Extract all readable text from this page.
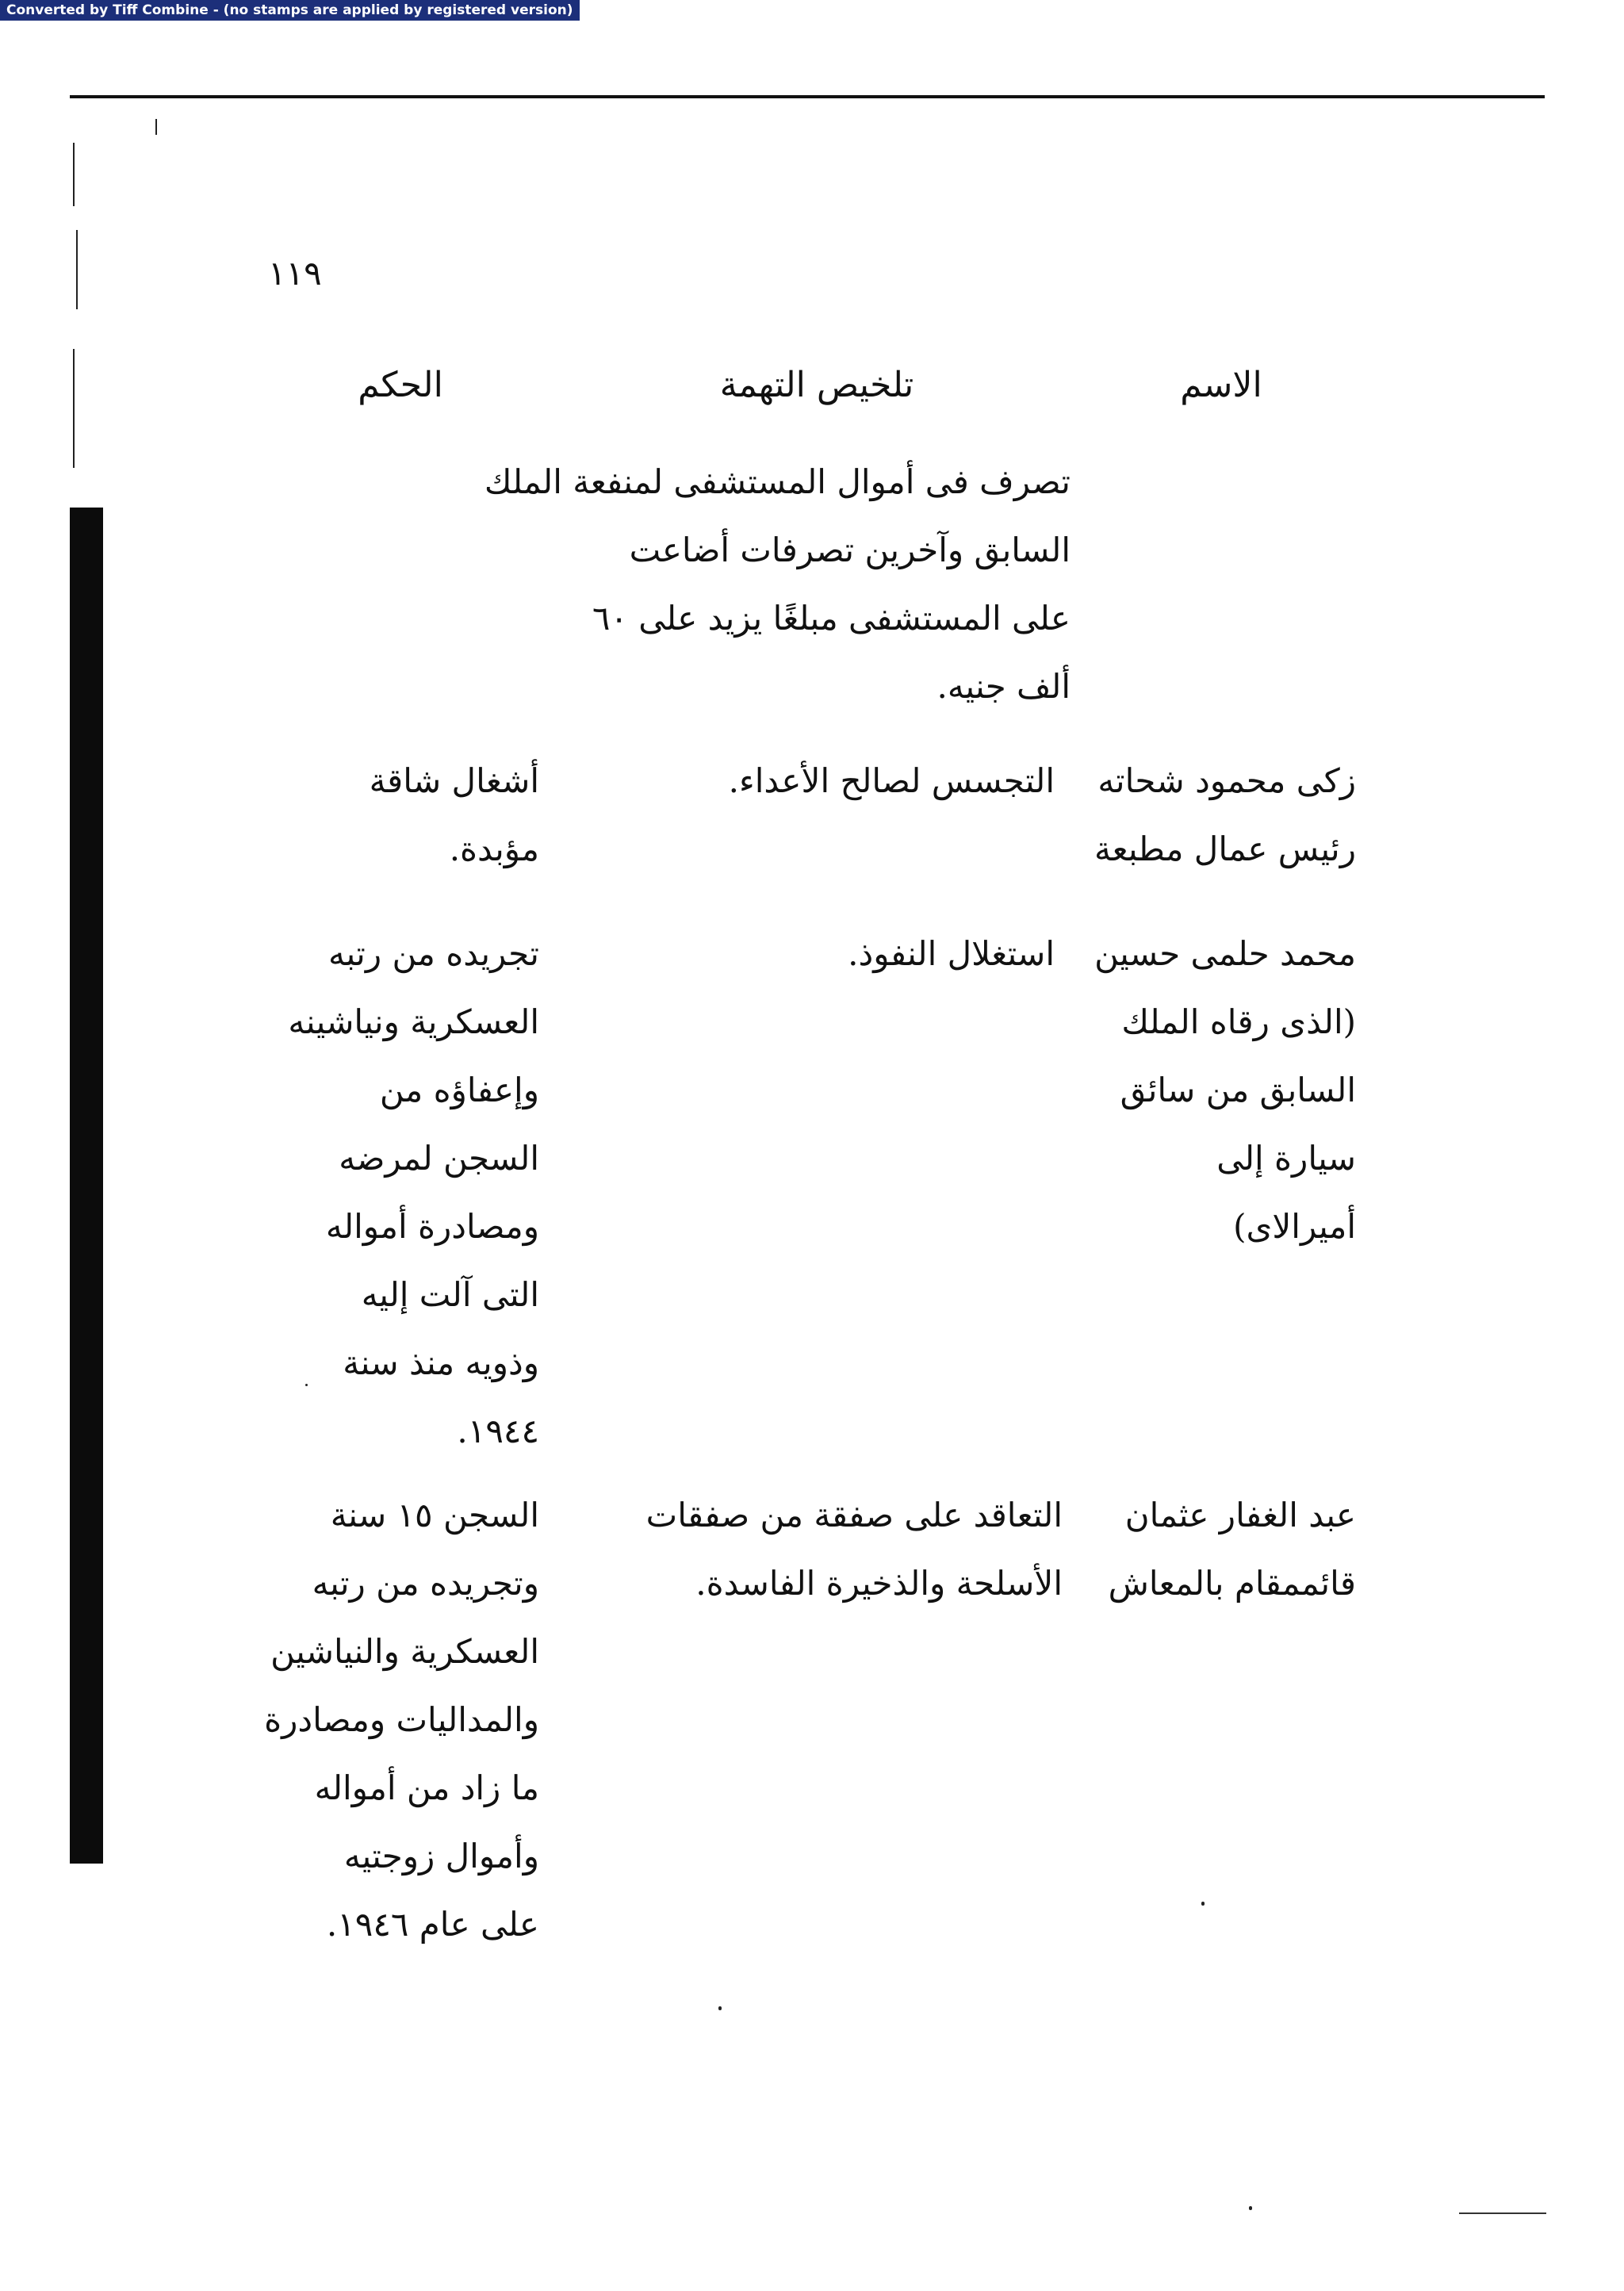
Converted by Tiff Combine - (no stamps are applied by registered version)
١١٩
الاسم
تلخيص التهمة
الحكم
تصرف فى أموال المستشفى لمنفعة الملك
السابق وآخرين تصرفات أضاعت
على المستشفى مبلغًا يزيد على ٦٠
ألف جنيه.
زكى محمود شحاته
رئيس عمال مطبعة
التجسس لصالح الأعداء.
أشغال شاقة
مؤبدة.
محمد حلمى حسين
(الذى رقاه الملك
السابق من سائق
سيارة إلى
أميرالاى)
استغلال النفوذ.
تجريده من رتبه
العسكرية ونياشينه
وإعفاؤه من
السجن لمرضه
ومصادرة أمواله
التى آلت إليه
وذويه منذ سنة
١٩٤٤.
عبد الغفار عثمان
قائممقام بالمعاش
التعاقد على صفقة من صفقات
الأسلحة والذخيرة الفاسدة.
السجن ١٥ سنة
وتجريده من رتبه
العسكرية والنياشين
والمداليات ومصادرة
ما زاد من أمواله
وأموال زوجتيه
على عام ١٩٤٦.
